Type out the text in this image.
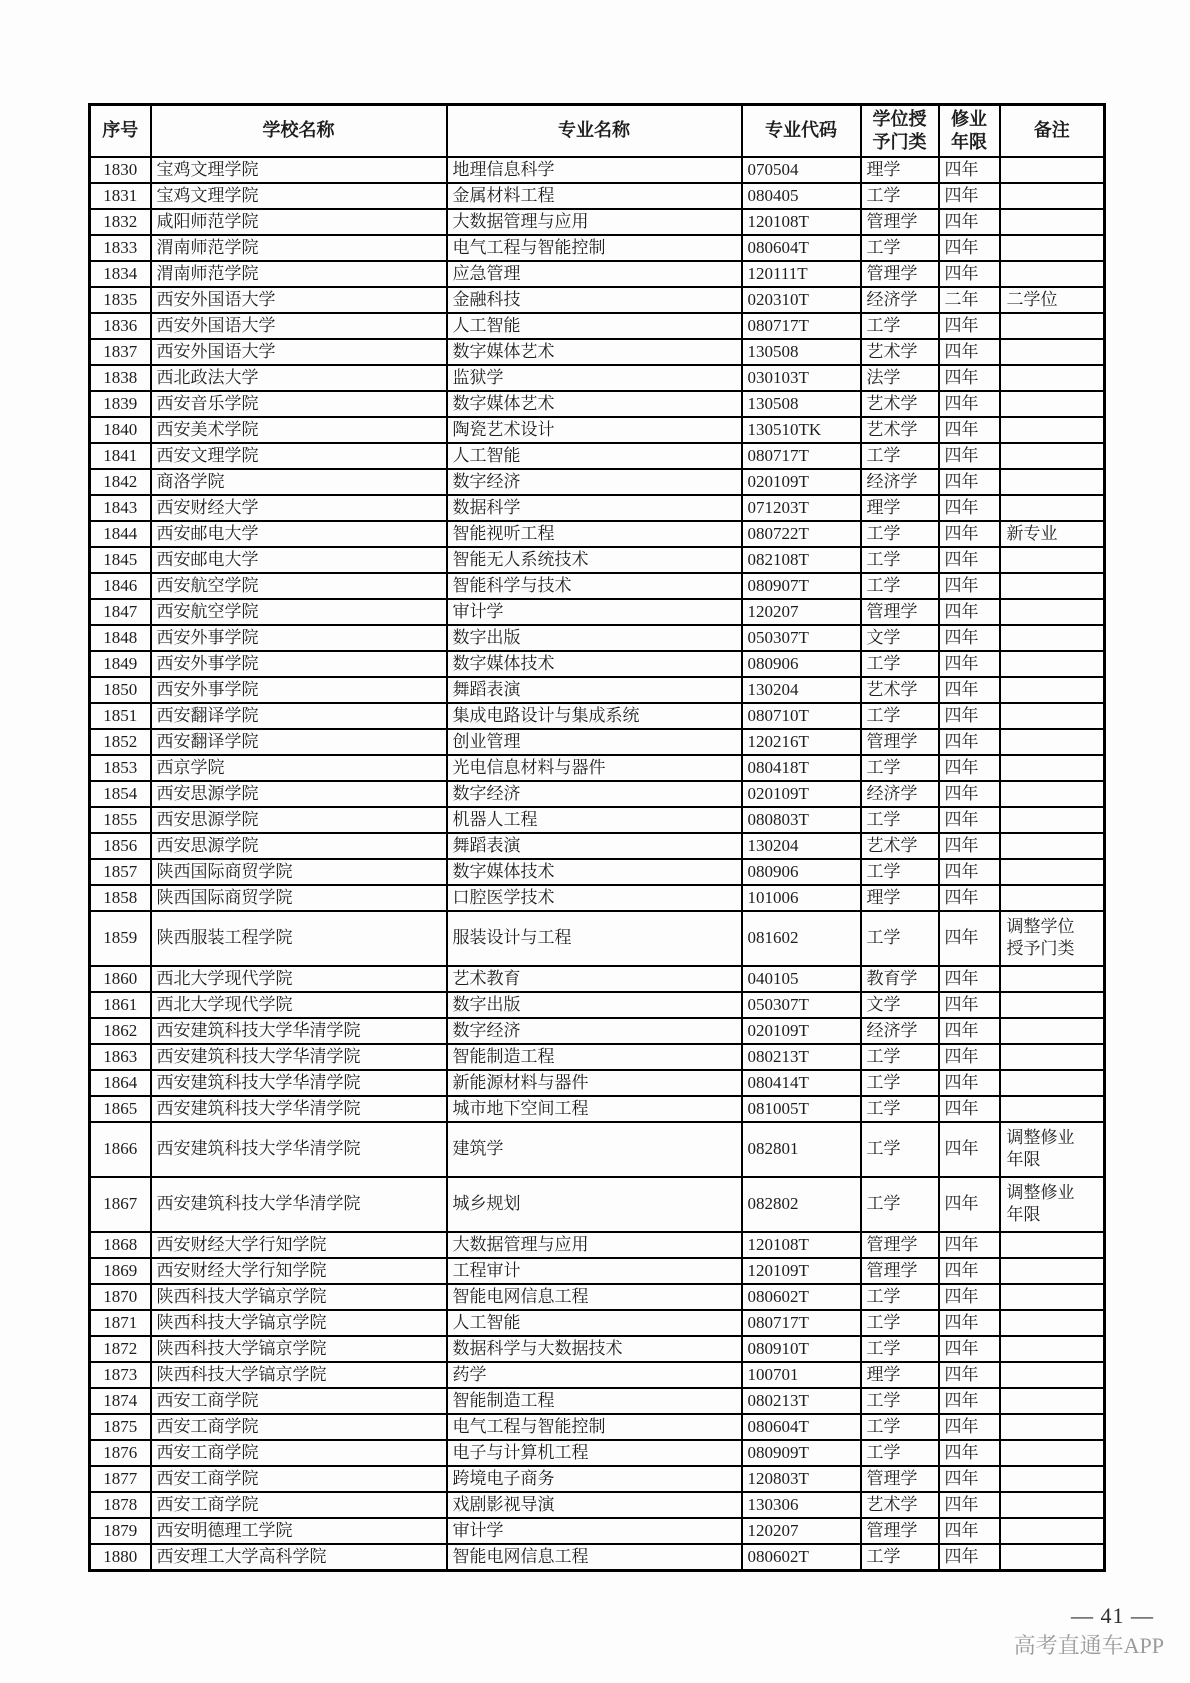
序号	学校名称	专业名称	专业代码	学位授予门类	修业年限	备注
1830	宝鸡文理学院	地理信息科学	070504	理学	四年	
1831	宝鸡文理学院	金属材料工程	080405	工学	四年	
1832	咸阳师范学院	大数据管理与应用	120108T	管理学	四年	
1833	渭南师范学院	电气工程与智能控制	080604T	工学	四年	
1834	渭南师范学院	应急管理	120111T	管理学	四年	
1835	西安外国语大学	金融科技	020310T	经济学	二年	二学位
1836	西安外国语大学	人工智能	080717T	工学	四年	
1837	西安外国语大学	数字媒体艺术	130508	艺术学	四年	
1838	西北政法大学	监狱学	030103T	法学	四年	
1839	西安音乐学院	数字媒体艺术	130508	艺术学	四年	
1840	西安美术学院	陶瓷艺术设计	130510TK	艺术学	四年	
1841	西安文理学院	人工智能	080717T	工学	四年	
1842	商洛学院	数字经济	020109T	经济学	四年	
1843	西安财经大学	数据科学	071203T	理学	四年	
1844	西安邮电大学	智能视听工程	080722T	工学	四年	新专业
1845	西安邮电大学	智能无人系统技术	082108T	工学	四年	
1846	西安航空学院	智能科学与技术	080907T	工学	四年	
1847	西安航空学院	审计学	120207	管理学	四年	
1848	西安外事学院	数字出版	050307T	文学	四年	
1849	西安外事学院	数字媒体技术	080906	工学	四年	
1850	西安外事学院	舞蹈表演	130204	艺术学	四年	
1851	西安翻译学院	集成电路设计与集成系统	080710T	工学	四年	
1852	西安翻译学院	创业管理	120216T	管理学	四年	
1853	西京学院	光电信息材料与器件	080418T	工学	四年	
1854	西安思源学院	数字经济	020109T	经济学	四年	
1855	西安思源学院	机器人工程	080803T	工学	四年	
1856	西安思源学院	舞蹈表演	130204	艺术学	四年	
1857	陕西国际商贸学院	数字媒体技术	080906	工学	四年	
1858	陕西国际商贸学院	口腔医学技术	101006	理学	四年	
1859	陕西服装工程学院	服装设计与工程	081602	工学	四年	调整学位授予门类
1860	西北大学现代学院	艺术教育	040105	教育学	四年	
1861	西北大学现代学院	数字出版	050307T	文学	四年	
1862	西安建筑科技大学华清学院	数字经济	020109T	经济学	四年	
1863	西安建筑科技大学华清学院	智能制造工程	080213T	工学	四年	
1864	西安建筑科技大学华清学院	新能源材料与器件	080414T	工学	四年	
1865	西安建筑科技大学华清学院	城市地下空间工程	081005T	工学	四年	
1866	西安建筑科技大学华清学院	建筑学	082801	工学	四年	调整修业年限
1867	西安建筑科技大学华清学院	城乡规划	082802	工学	四年	调整修业年限
1868	西安财经大学行知学院	大数据管理与应用	120108T	管理学	四年	
1869	西安财经大学行知学院	工程审计	120109T	管理学	四年	
1870	陕西科技大学镐京学院	智能电网信息工程	080602T	工学	四年	
1871	陕西科技大学镐京学院	人工智能	080717T	工学	四年	
1872	陕西科技大学镐京学院	数据科学与大数据技术	080910T	工学	四年	
1873	陕西科技大学镐京学院	药学	100701	理学	四年	
1874	西安工商学院	智能制造工程	080213T	工学	四年	
1875	西安工商学院	电气工程与智能控制	080604T	工学	四年	
1876	西安工商学院	电子与计算机工程	080909T	工学	四年	
1877	西安工商学院	跨境电子商务	120803T	管理学	四年	
1878	西安工商学院	戏剧影视导演	130306	艺术学	四年	
1879	西安明德理工学院	审计学	120207	管理学	四年	
1880	西安理工大学高科学院	智能电网信息工程	080602T	工学	四年	
— 41 —
高考直通车APP
